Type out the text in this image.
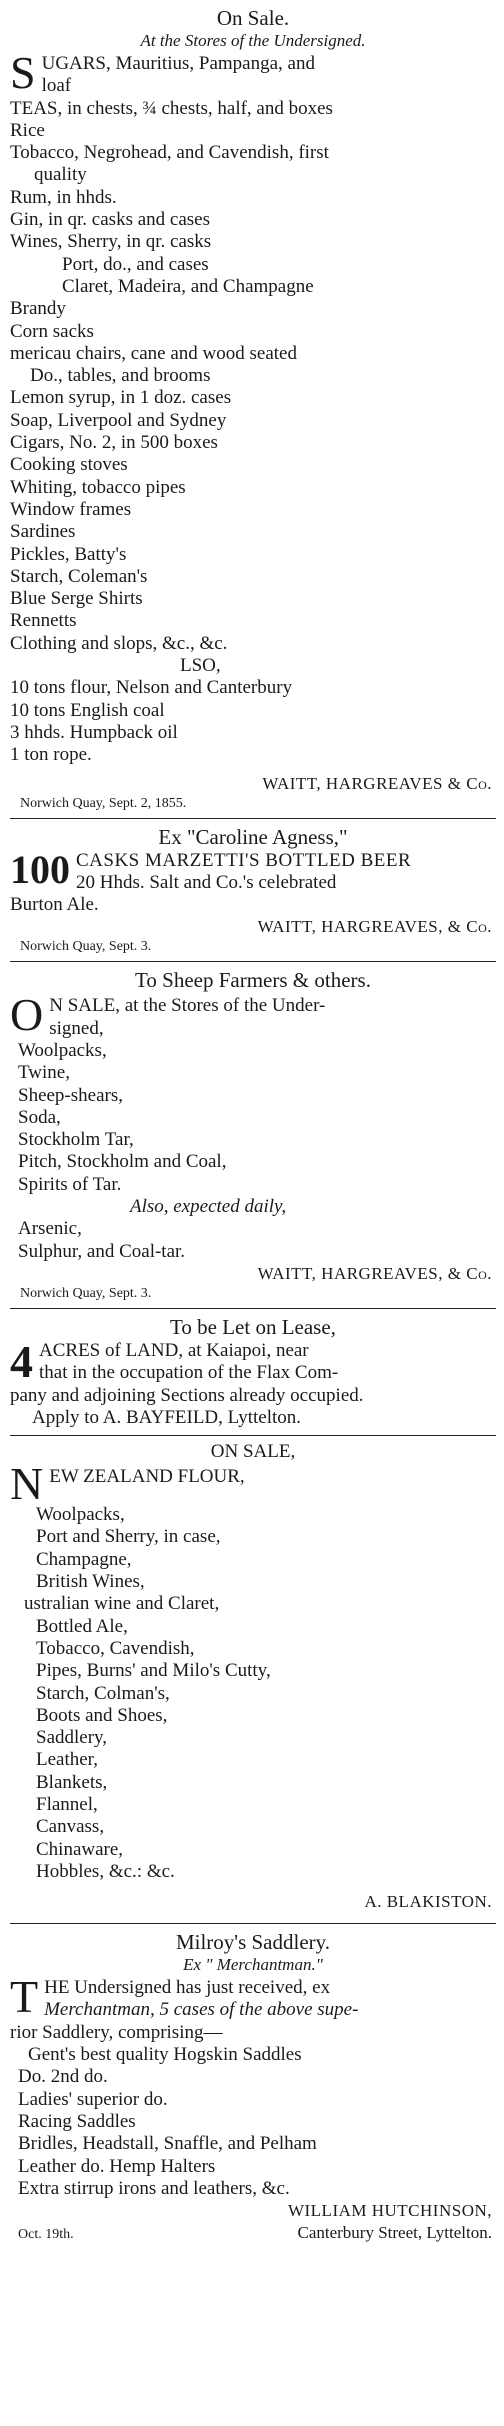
On Sale.
At the Stores of the Undersigned.
S UGARS, Mauritius, Pampanga, and
loaf
TEAS, in chests, ¾ chests, half, and boxes
Rice
Tobacco, Negrohead, and Cavendish, first
quality
Rum, in hhds.
Gin, in qr. casks and cases
Wines, Sherry, in qr. casks
Port, do., and cases
Claret, Madeira, and Champagne
Brandy
Corn sacks
mericau chairs, cane and wood seated
Do., tables, and brooms
Lemon syrup, in 1 doz. cases
Soap, Liverpool and Sydney
Cigars, No. 2, in 500 boxes
Cooking stoves
Whiting, tobacco pipes
Window frames
Sardines
Pickles, Batty's
Starch, Coleman's
Blue Serge Shirts
Rennetts
Clothing and slops, &c., &c.
LSO,
10 tons flour, Nelson and Canterbury
10 tons English coal
3 hhds. Humpback oil
1 ton rope.
WAITT, HARGREAVES & Co.
Norwich Quay, Sept. 2, 1855.
Ex "Caroline Agness,"
100 CASKS MARZETTI'S BOTTLED BEER
20 Hhds. Salt and Co.'s celebrated
Burton Ale.
WAITT, HARGREAVES, & Co.
Norwich Quay, Sept. 3.
To Sheep Farmers & others.
O N SALE, at the Stores of the Under-
signed,
Woolpacks,
Twine,
Sheep-shears,
Soda,
Stockholm Tar,
Pitch, Stockholm and Coal,
Spirits of Tar.
Also, expected daily,
Arsenic,
Sulphur, and Coal-tar.
WAITT, HARGREAVES, & Co.
Norwich Quay, Sept. 3.
To be Let on Lease,
4 ACRES of LAND, at Kaiapoi, near
that in the occupation of the Flax Com-
pany and adjoining Sections already occupied.
Apply to A. BAYFEILD, Lyttelton.
ON SALE,
N EW ZEALAND FLOUR,
Woolpacks,
Port and Sherry, in case,
Champagne,
British Wines,
ustralian wine and Claret,
Bottled Ale,
Tobacco, Cavendish,
Pipes, Burns' and Milo's Cutty,
Starch, Colman's,
Boots and Shoes,
Saddlery,
Leather,
Blankets,
Flannel,
Canvass,
Chinaware,
Hobbles, &c.: &c.
A. BLAKISTON.
Milroy's Saddlery.
Ex " Merchantman."
T HE Undersigned has just received, ex
Merchantman, 5 cases of the above supe-
rior Saddlery, comprising—
Gent's best quality Hogskin Saddles
Do. 2nd do.
Ladies' superior do.
Racing Saddles
Bridles, Headstall, Snaffle, and Pelham
Leather do. Hemp Halters
Extra stirrup irons and leathers, &c.
WILLIAM HUTCHINSON,
Oct. 19th.	Canterbury Street, Lyttelton.
